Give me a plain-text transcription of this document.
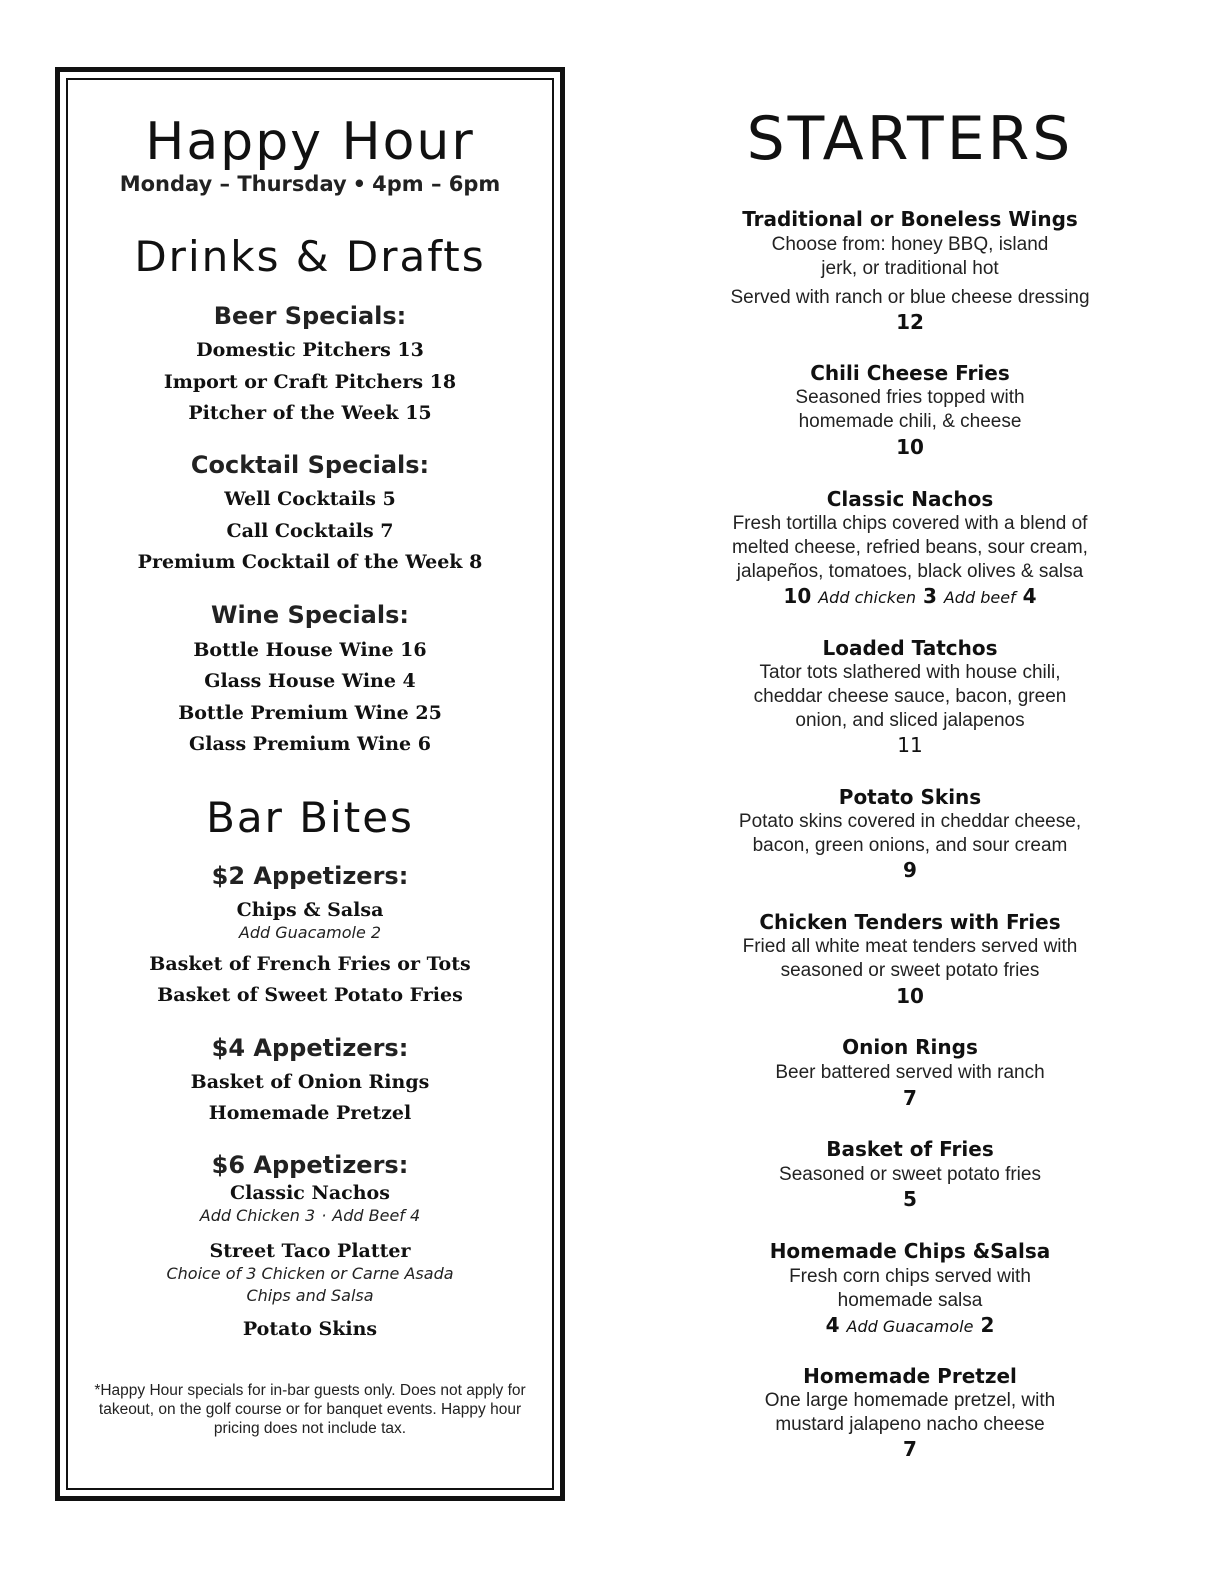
Happy Hour
Monday – Thursday • 4pm – 6pm
Drinks & Drafts
Beer Specials:
Domestic Pitchers 13
Import or Craft Pitchers 18
Pitcher of the Week 15
Cocktail Specials:
Well Cocktails 5
Call Cocktails 7
Premium Cocktail of the Week 8
Wine Specials:
Bottle House Wine 16
Glass House Wine 4
Bottle Premium Wine 25
Glass Premium Wine 6
Bar Bites
$2 Appetizers:
Chips & Salsa
Add Guacamole 2
Basket of French Fries or Tots
Basket of Sweet Potato Fries
$4 Appetizers:
Basket of Onion Rings
Homemade Pretzel
$6 Appetizers:
Classic Nachos
Add Chicken 3 · Add Beef 4
Street Taco Platter
Choice of 3 Chicken or Carne Asada
Chips and Salsa
Potato Skins
*Happy Hour specials for in-bar guests only. Does not apply for takeout, on the golf course or for banquet events. Happy hour pricing does not include tax.
STARTERS
Traditional or Boneless Wings
Choose from: honey BBQ, island
jerk, or traditional hot
Served with ranch or blue cheese dressing
12
Chili Cheese Fries
Seasoned fries topped with
homemade chili, & cheese
10
Classic Nachos
Fresh tortilla chips covered with a blend of
melted cheese, refried beans, sour cream,
jalapeños, tomatoes, black olives & salsa
10 Add chicken 3 Add beef 4
Loaded Tatchos
Tator tots slathered with house chili,
cheddar cheese sauce, bacon, green
onion, and sliced jalapenos
11
Potato Skins
Potato skins covered in cheddar cheese,
bacon, green onions, and sour cream
9
Chicken Tenders with Fries
Fried all white meat tenders served with
seasoned or sweet potato fries
10
Onion Rings
Beer battered served with ranch
7
Basket of Fries
Seasoned or sweet potato fries
5
Homemade Chips &Salsa
Fresh corn chips served with
homemade salsa
4 Add Guacamole 2
Homemade Pretzel
One large homemade pretzel, with
mustard jalapeno nacho cheese
7
